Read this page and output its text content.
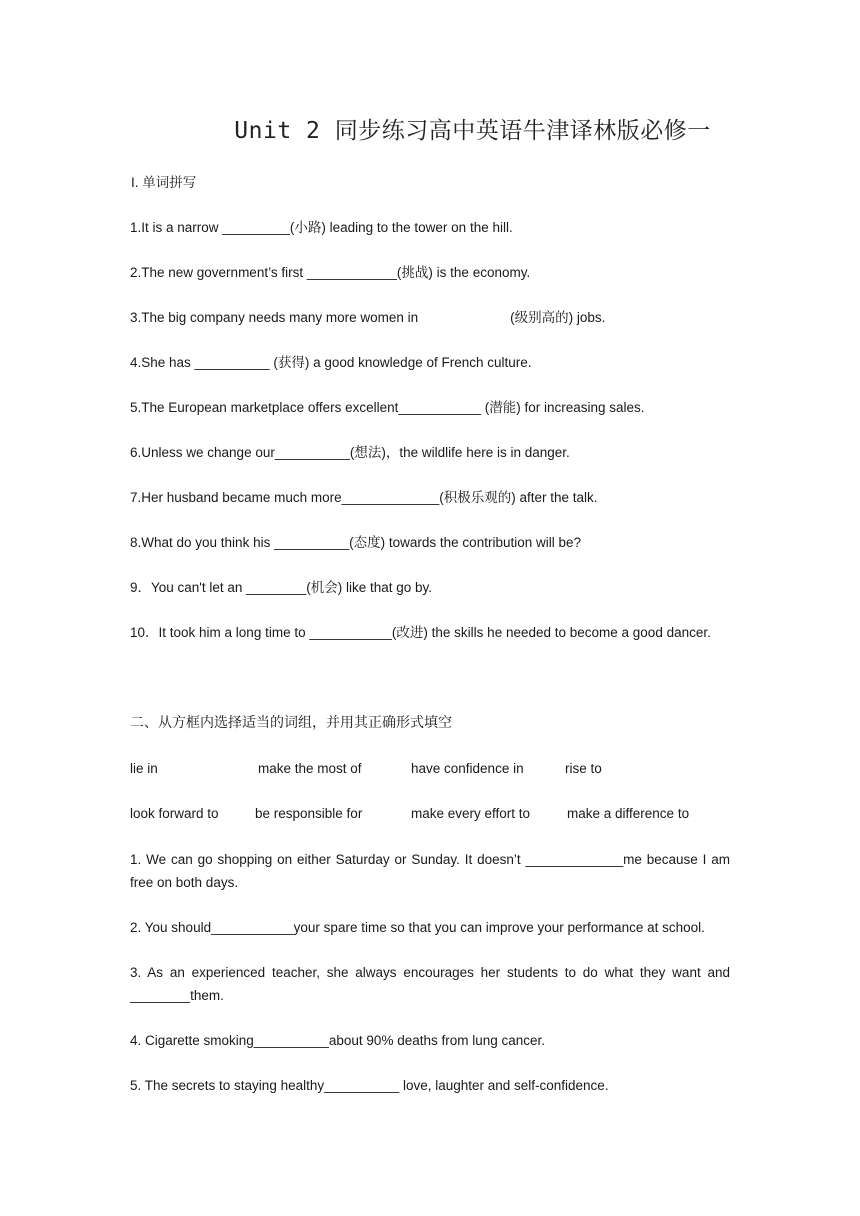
Unit 2 同步练习高中英语牛津译林版必修一
I. 单词拼写
1.It is a narrow _________(小路) leading to the tower on the hill.
2.The new government’s first ____________(挑战) is the economy.
3.The big company needs many more women in	(级别高的) jobs.
4.She has __________ (获得) a good knowledge of French culture.
5.The European marketplace offers excellent___________ (潜能) for increasing sales.
6.Unless we change our__________(想法)，the wildlife here is in danger.
7.Her husband became much more_____________(积极乐观的) after the talk.
8.What do you think his __________(态度) towards the contribution will be?
9．You can't let an ________(机会) like that go by.
10．It took him a long time to ___________(改进) the skills he needed to become a good dancer.
二、从方框内选择适当的词组，并用其正确形式填空
lie in	make the most of	have confidence in	rise to
look forward to	be responsible for	make every effort to	make a difference to
1. We can go shopping on either Saturday or Sunday. It doesn’t _____________me because I am free on both days.
2. You should___________your spare time so that you can improve your performance at school.
3. As an experienced teacher, she always encourages her students to do what they want and ________them.
4. Cigarette smoking__________about 90% deaths from lung cancer.
5. The secrets to staying healthy__________ love, laughter and self-confidence.
